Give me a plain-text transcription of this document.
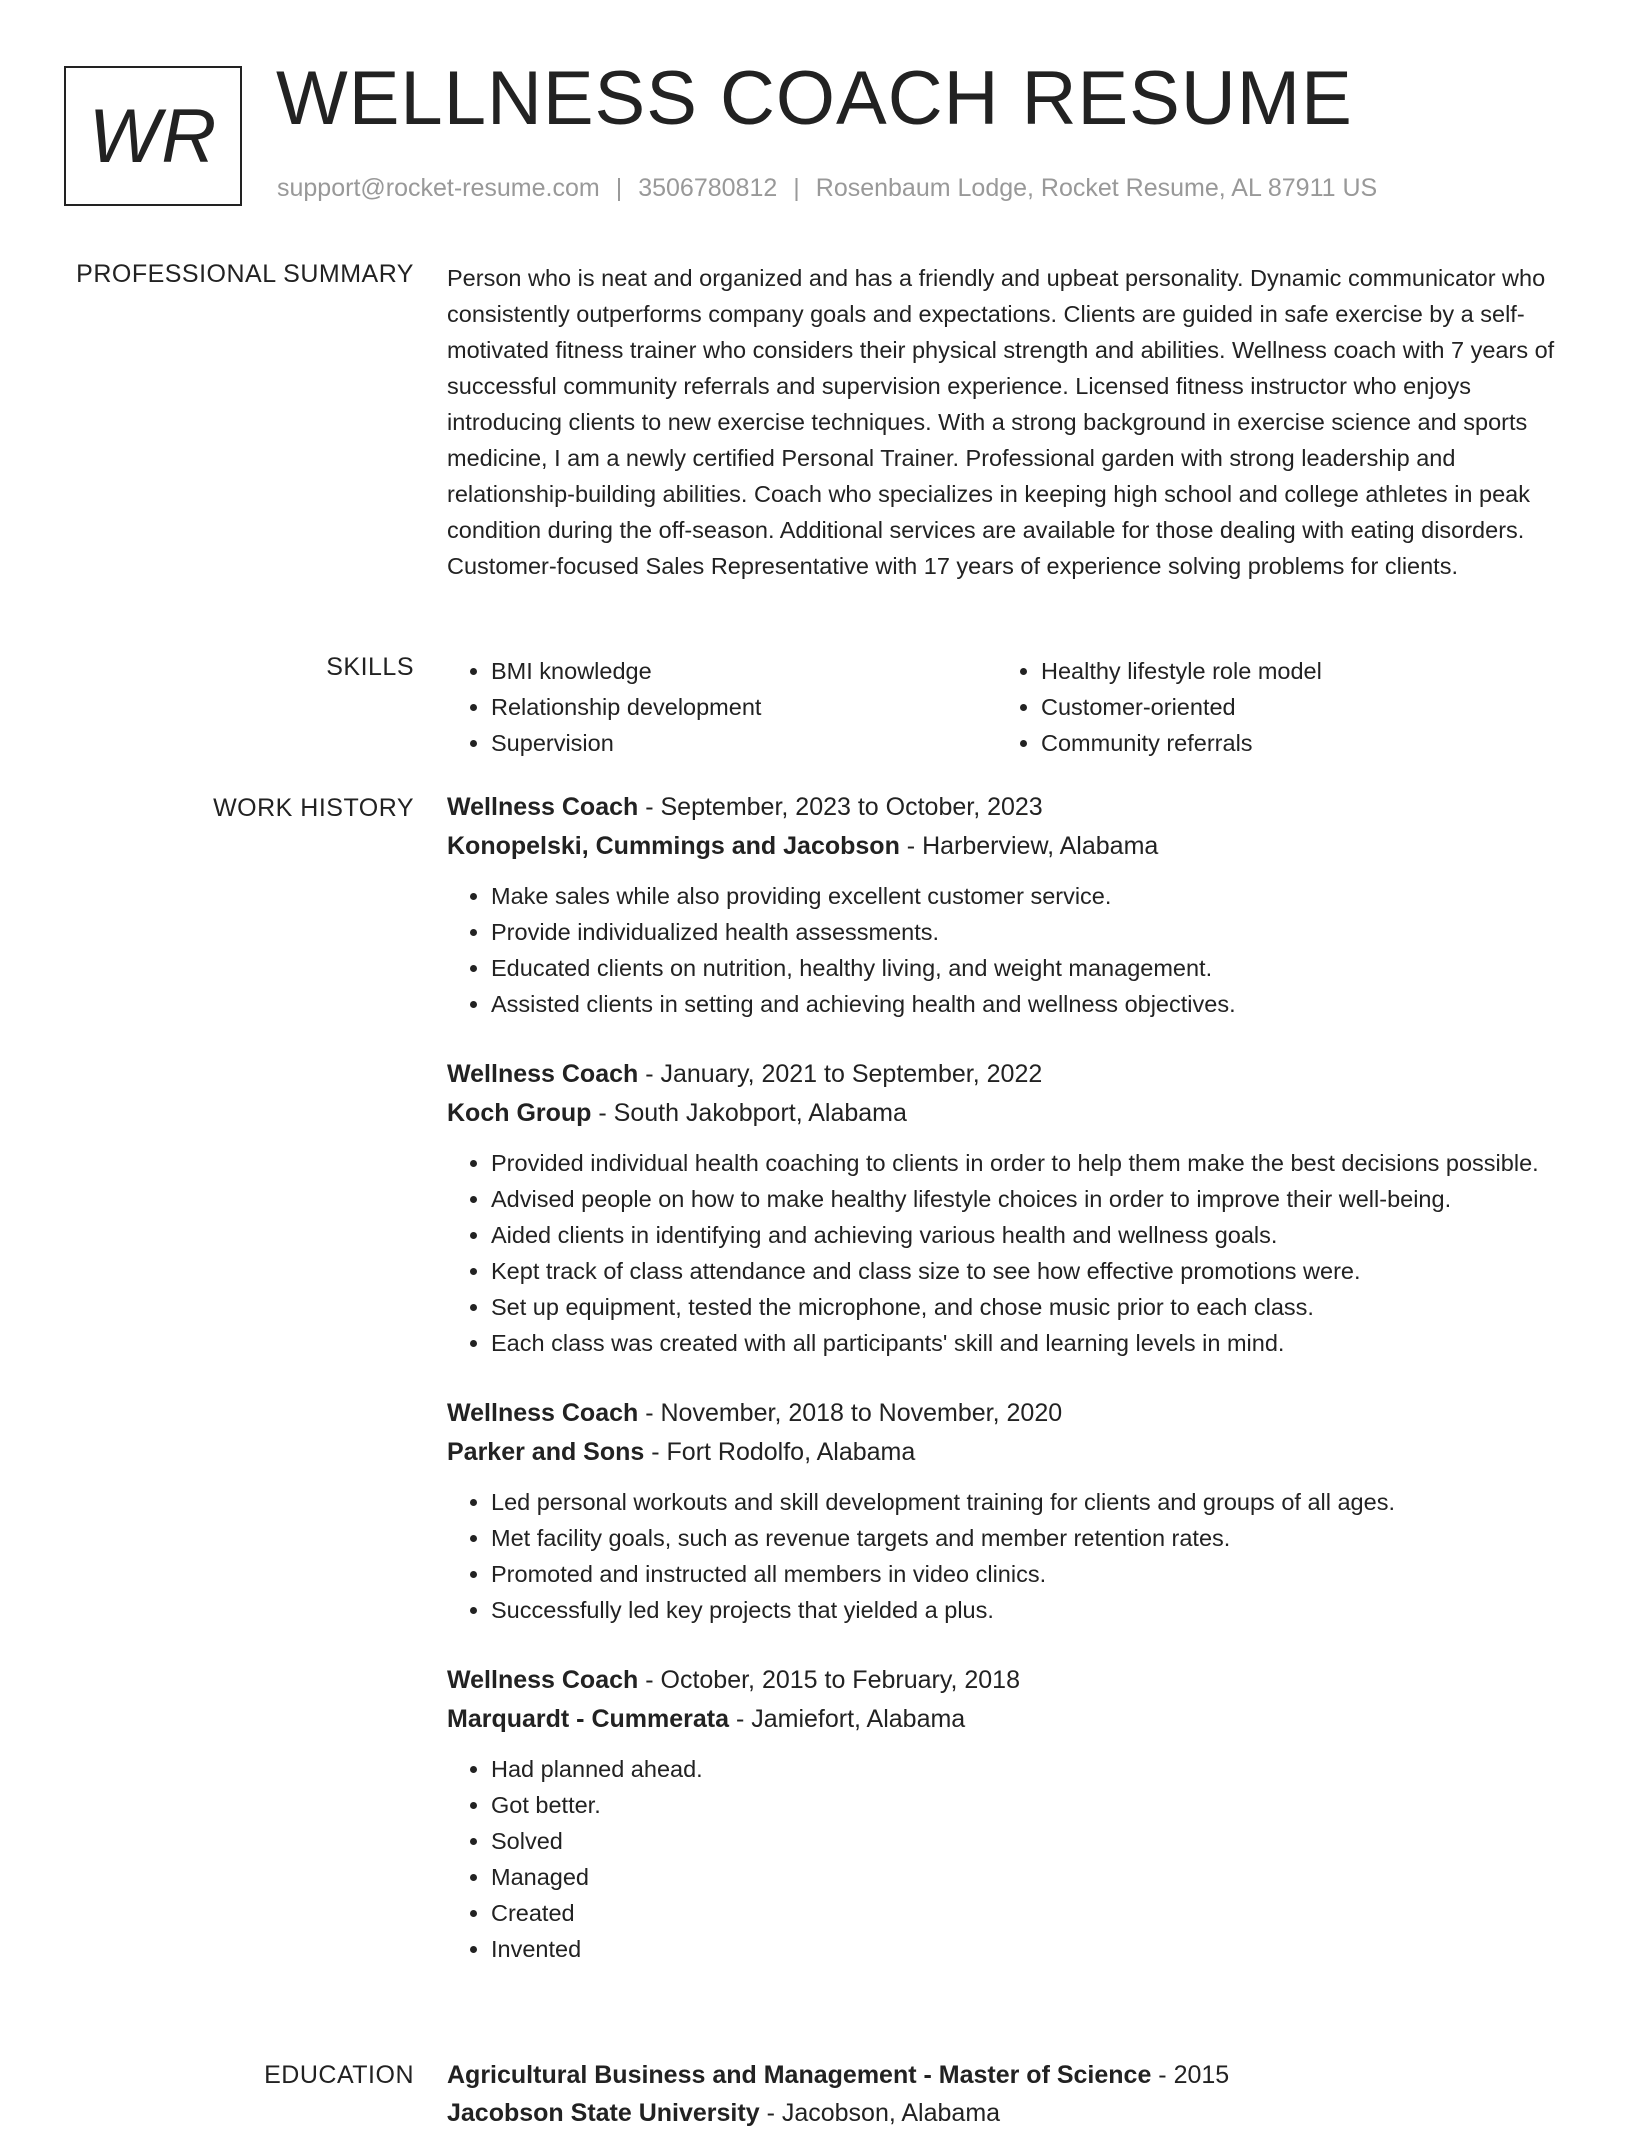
WR WELLNESS COACH RESUME
support@rocket-resume.com | 3506780812 | Rosenbaum Lodge, Rocket Resume, AL 87911 US
PROFESSIONAL SUMMARY Person who is neat and organized and has a friendly and upbeat personality. Dynamic communicator who consistently outperforms company goals and expectations. Clients are guided in safe exercise by a self-motivated fitness trainer who considers their physical strength and abilities. Wellness coach with 7 years of successful community referrals and supervision experience. Licensed fitness instructor who enjoys introducing clients to new exercise techniques. With a strong background in exercise science and sports medicine, I am a newly certified Personal Trainer. Professional garden with strong leadership and relationship-building abilities. Coach who specializes in keeping high school and college athletes in peak condition during the off-season. Additional services are available for those dealing with eating disorders. Customer-focused Sales Representative with 17 years of experience solving problems for clients.

SKILLS
•	BMI knowledge
• Relationship development
• Supervision
• Healthy lifestyle role model
• Customer-oriented
• Community referrals
WORK HISTORY Wellness Coach - September, 2023 to October, 2023
Konopelski, Cummings and Jacobson - Harberview, Alabama
• Make sales while also providing excellent customer service.
• Provide individualized health assessments.
• Educated clients on nutrition, healthy living, and weight management.
• Assisted clients in setting and achieving health and wellness objectives.
Wellness Coach - January, 2021 to September, 2022
Koch Group - South Jakobport, Alabama
• Provided individual health coaching to clients in order to help them make the best decisions possible.
• Advised people on how to make healthy lifestyle choices in order to improve their well-being.
• Aided clients in identifying and achieving various health and wellness goals.
• Kept track of class attendance and class size to see how effective promotions were.
• Set up equipment, tested the microphone, and chose music prior to each class.
• Each class was created with all participants' skill and learning levels in mind.
Wellness Coach - November, 2018 to November, 2020
Parker and Sons - Fort Rodolfo, Alabama
• Led personal workouts and skill development training for clients and groups of all ages.
• Met facility goals, such as revenue targets and member retention rates.
• Promoted and instructed all members in video clinics.
• Successfully led key projects that yielded a plus.
Wellness Coach - October, 2015 to February, 2018
Marquardt - Cummerata - Jamiefort, Alabama
• Had planned ahead.
• Got better.
• Solved
• Managed
• Created
• Invented
EDUCATION Agricultural Business and Management - Master of Science - 2015
Jacobson State University - Jacobson, Alabama
